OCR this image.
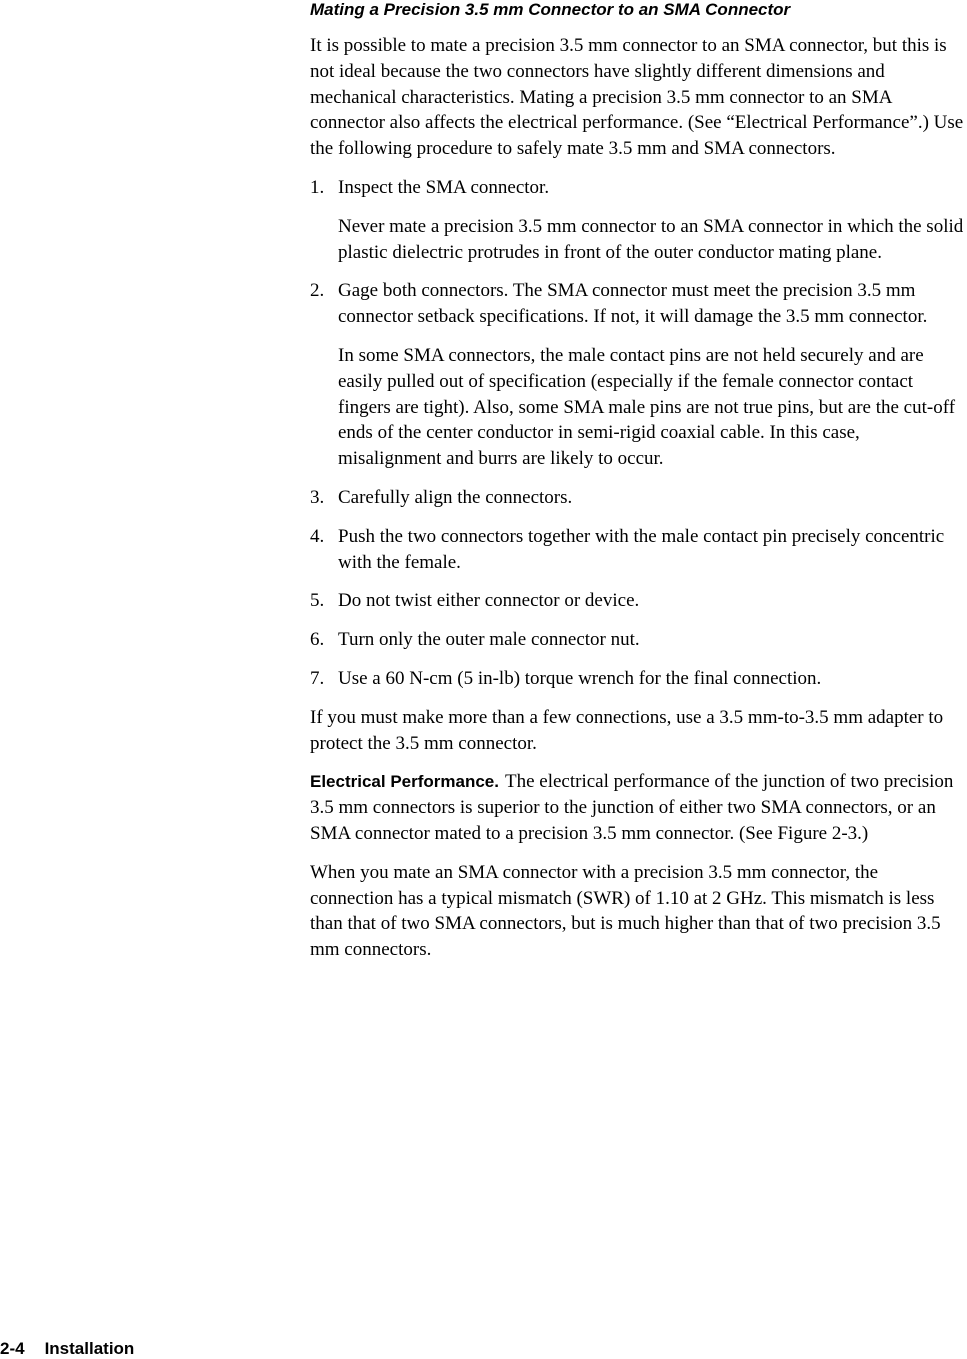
Mating a Precision 3.5 mm Connector to an SMA Connector

It is possible to mate a precision 3.5 mm connector to an SMA connector, but this is not ideal because the two connectors have slightly different dimensions and mechanical characteristics. Mating a precision 3.5 mm connector to an SMA connector also affects the electrical performance. (See “Electrical Performance”.) Use the following procedure to safely mate 3.5 mm and SMA connectors.

1. Inspect the SMA connector.
Never mate a precision 3.5 mm connector to an SMA connector in which the solid plastic dielectric protrudes in front of the outer conductor mating plane.
2. Gage both connectors. The SMA connector must meet the precision 3.5 mm connector setback specifications. If not, it will damage the 3.5 mm connector.
In some SMA connectors, the male contact pins are not held securely and are easily pulled out of specification (especially if the female connector contact fingers are tight). Also, some SMA male pins are not true pins, but are the cut-off ends of the center conductor in semi-rigid coaxial cable. In this case, misalignment and burrs are likely to occur.
3. Carefully align the connectors.
4. Push the two connectors together with the male contact pin precisely concentric with the female.
5. Do not twist either connector or device.
6. Turn only the outer male connector nut.
7. Use a 60 N-cm (5 in-lb) torque wrench for the final connection.

If you must make more than a few connections, use a 3.5 mm-to-3.5 mm adapter to protect the 3.5 mm connector.

Electrical Performance. The electrical performance of the junction of two precision 3.5 mm connectors is superior to the junction of either two SMA connectors, or an SMA connector mated to a precision 3.5 mm connector. (See Figure 2-3.)

When you mate an SMA connector with a precision 3.5 mm connector, the connection has a typical mismatch (SWR) of 1.10 at 2 GHz. This mismatch is less than that of two SMA connectors, but is much higher than that of two precision 3.5 mm connectors.

2-4 Installation
